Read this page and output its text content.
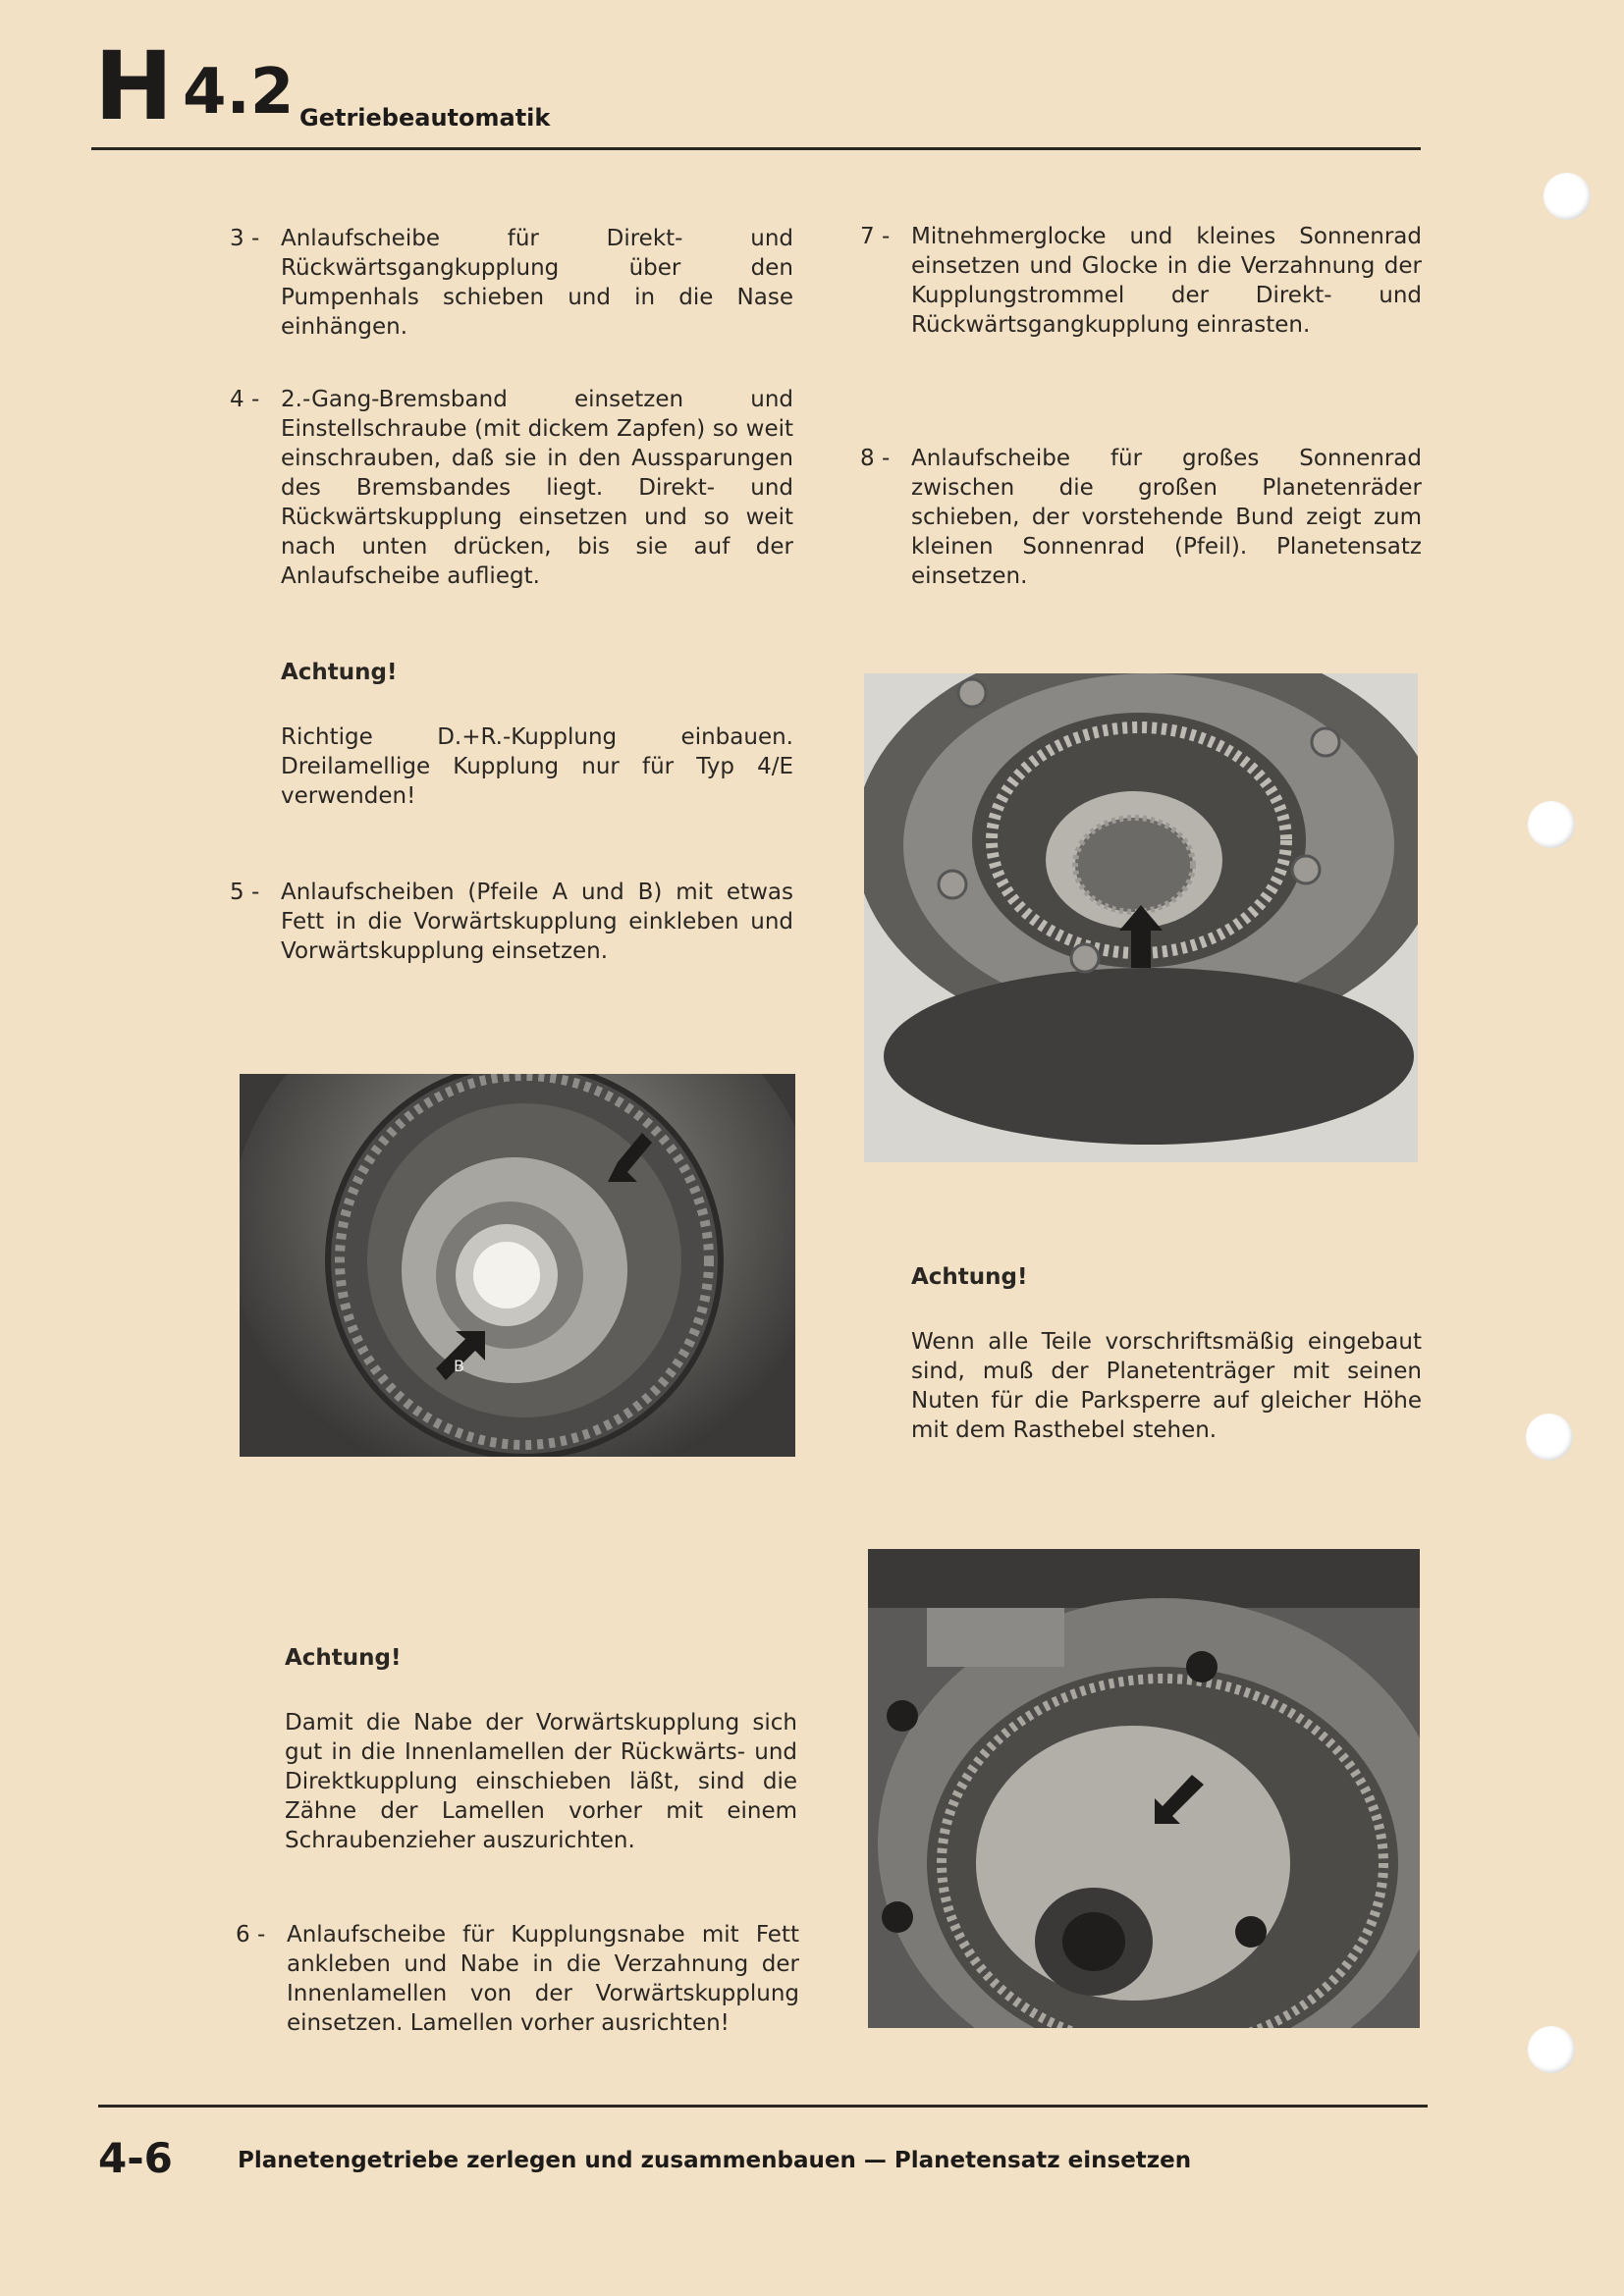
H 4.2 Getriebeautomatik
3 - Anlaufscheibe für Direkt- und Rückwärtsgangkupplung über den Pumpenhals schieben und in die Nase einhängen.
4 - 2.-Gang-Bremsband einsetzen und Einstellschraube (mit dickem Zapfen) so weit einschrauben, daß sie in den Aussparungen des Bremsbandes liegt. Direkt- und Rückwärtskupplung einsetzen und so weit nach unten drücken, bis sie auf der Anlaufscheibe aufliegt.
Achtung!
Richtige D.+R.-Kupplung einbauen. Dreilamellige Kupplung nur für Typ 4/E verwenden!
5 - Anlaufscheiben (Pfeile A und B) mit etwas Fett in die Vorwärtskupplung einkleben und Vorwärtskupplung einsetzen.
B
Achtung!
Damit die Nabe der Vorwärtskupplung sich gut in die Innenlamellen der Rückwärts- und Direktkupplung einschieben läßt, sind die Zähne der Lamellen vorher mit einem Schraubenzieher auszurichten.
6 - Anlaufscheibe für Kupplungsnabe mit Fett ankleben und Nabe in die Verzahnung der Innenlamellen von der Vorwärtskupplung einsetzen. Lamellen vorher ausrichten!
7 - Mitnehmerglocke und kleines Sonnenrad einsetzen und Glocke in die Verzahnung der Kupplungstrommel der Direkt- und Rückwärtsgangkupplung einrasten.
8 - Anlaufscheibe für großes Sonnenrad zwischen die großen Planetenräder schieben, der vorstehende Bund zeigt zum kleinen Sonnenrad (Pfeil). Planetensatz einsetzen.
Achtung!
Wenn alle Teile vorschriftsmäßig eingebaut sind, muß der Planetenträger mit seinen Nuten für die Parksperre auf gleicher Höhe mit dem Rasthebel stehen.
4-6	Planetengetriebe zerlegen und zusammenbauen — Planetensatz einsetzen
